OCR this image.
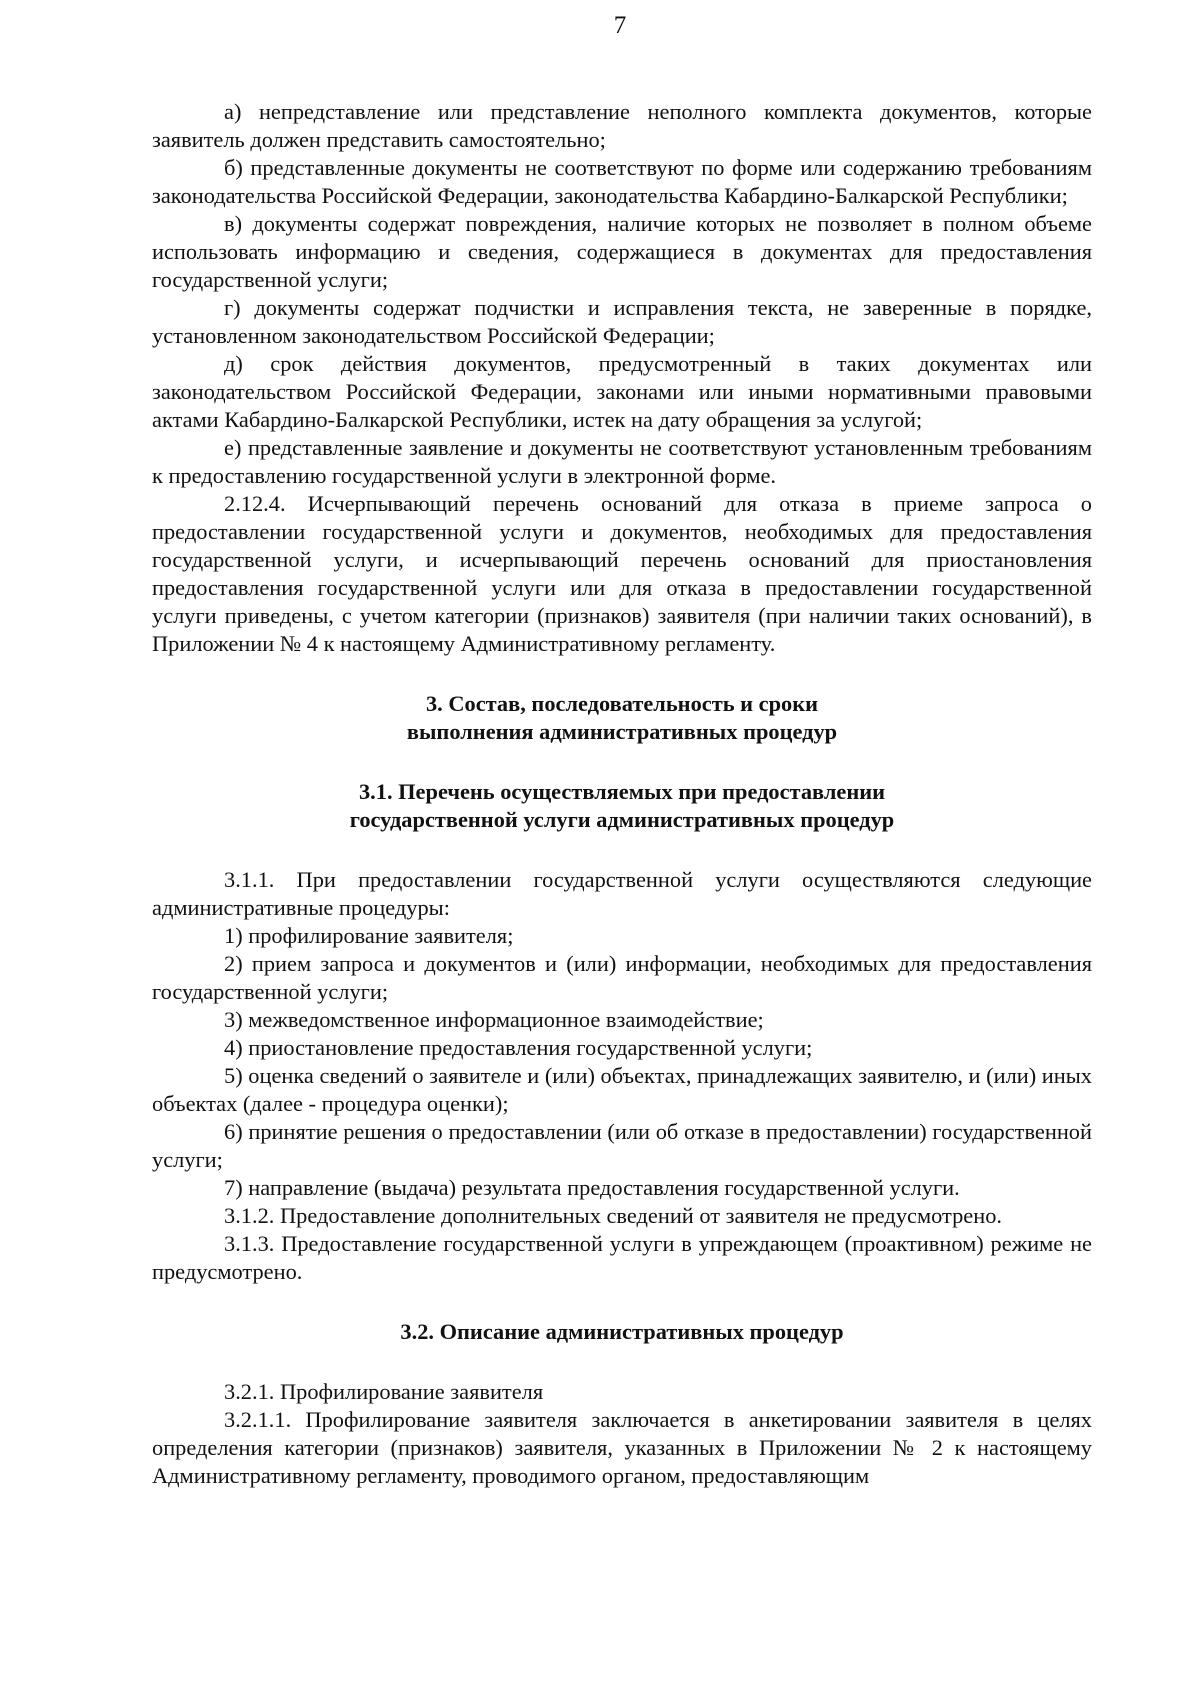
7

а) непредставление или представление неполного комплекта документов, которые заявитель должен представить самостоятельно;

б) представленные документы не соответствуют по форме или содержанию требованиям законодательства Российской Федерации, законодательства Кабардино-Балкарской Республики;

в) документы содержат повреждения, наличие которых не позволяет в полном объеме использовать информацию и сведения, содержащиеся в документах для предоставления государственной услуги;

г) документы содержат подчистки и исправления текста, не заверенные в порядке, установленном законодательством Российской Федерации;

д) срок действия документов, предусмотренный в таких документах или законодательством Российской Федерации, законами или иными нормативными правовыми актами Кабардино-Балкарской Республики, истек на дату обращения за услугой;

е) представленные заявление и документы не соответствуют установленным требованиям к предоставлению государственной услуги в электронной форме.

2.12.4. Исчерпывающий перечень оснований для отказа в приеме запроса о предоставлении государственной услуги и документов, необходимых для предоставления государственной услуги, и исчерпывающий перечень оснований для приостановления предоставления государственной услуги или для отказа в предоставлении государственной услуги приведены, с учетом категории (признаков) заявителя (при наличии таких оснований), в Приложении № 4 к настоящему Административному регламенту.

3. Состав, последовательность и сроки
выполнения административных процедур
3.1. Перечень осуществляемых при предоставлении
государственной услуги административных процедур

3.1.1. При предоставлении государственной услуги осуществляются следующие административные процедуры:

1) профилирование заявителя;

2) прием запроса и документов и (или) информации, необходимых для предоставления государственной услуги;

3) межведомственное информационное взаимодействие;

4) приостановление предоставления государственной услуги;

5) оценка сведений о заявителе и (или) объектах, принадлежащих заявителю, и (или) иных объектах (далее - процедура оценки);

6) принятие решения о предоставлении (или об отказе в предоставлении) государственной услуги;

7) направление (выдача) результата предоставления государственной услуги.

3.1.2. Предоставление дополнительных сведений от заявителя не предусмотрено.

3.1.3. Предоставление государственной услуги в упреждающем (проактивном) режиме не предусмотрено.

3.2. Описание административных процедур

3.2.1. Профилирование заявителя

3.2.1.1. Профилирование заявителя заключается в анкетировании заявителя в целях определения категории (признаков) заявителя, указанных в Приложении № 2 к настоящему Административному регламенту, проводимого органом, предоставляющим
